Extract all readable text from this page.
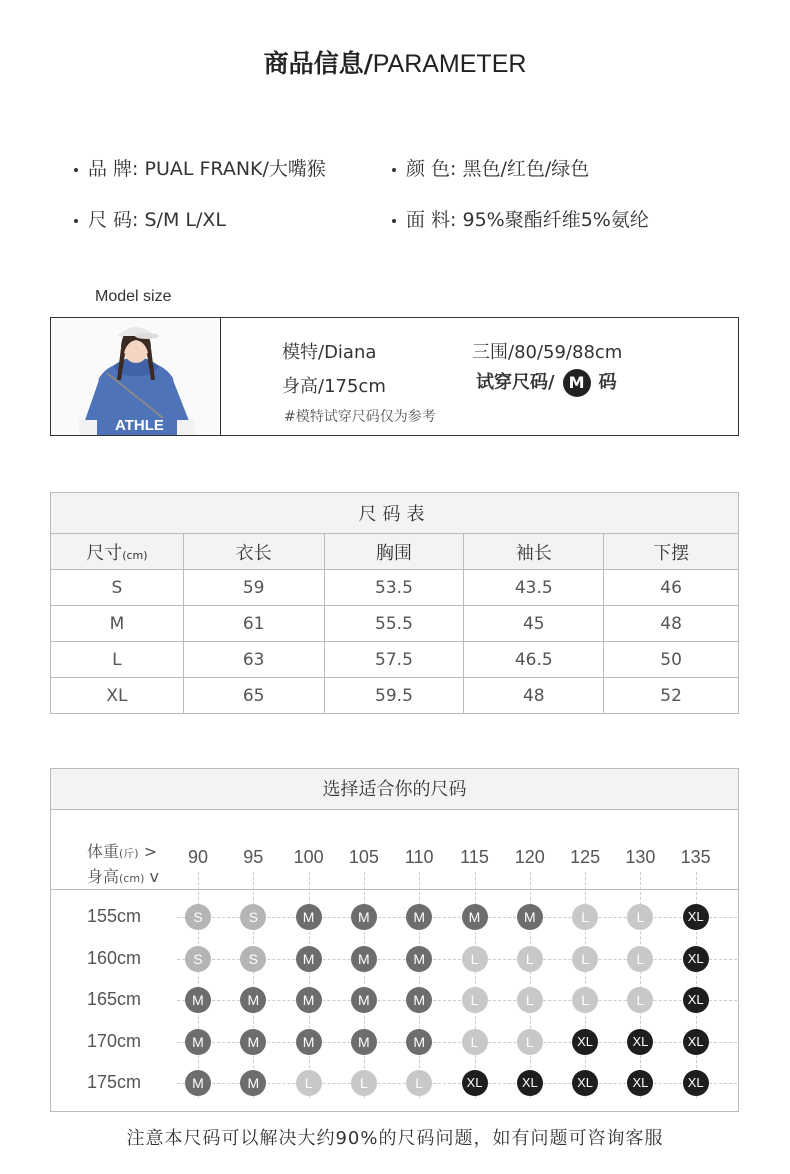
商品信息/PARAMETER
品 牌: PUAL FRANK/大嘴猴	颜 色: 黑色/红色/绿色
尺 码: S/M L/XL	面 料: 95%聚酯纤维5%氨纶
Model size
ATHLE
模特/Diana	三围/80/59/88cm
身高/175cm	试穿尺码/ M 码
#模特试穿尺码仅为参考
尺码表				
尺寸(cm)	衣长	胸围	袖长	下摆
S	59	53.5	43.5	46
M	61	55.5	45	48
L	63	57.5	46.5	50
XL	65	59.5	48	52
选择适合你的尺码
体重(斤) >
身高(cm) v
90	95	100	105	110	115	120	125	130	135
155cm	S	S	M	M	M	M	M	L	L	XL
160cm	S	S	M	M	M	L	L	L	L	XL
165cm	M	M	M	M	M	L	L	L	L	XL
170cm	M	M	M	M	M	L	L	XL	XL	XL
175cm	M	M	L	L	L	XL	XL	XL	XL	XL
注意本尺码可以解决大约90%的尺码问题，如有问题可咨询客服
